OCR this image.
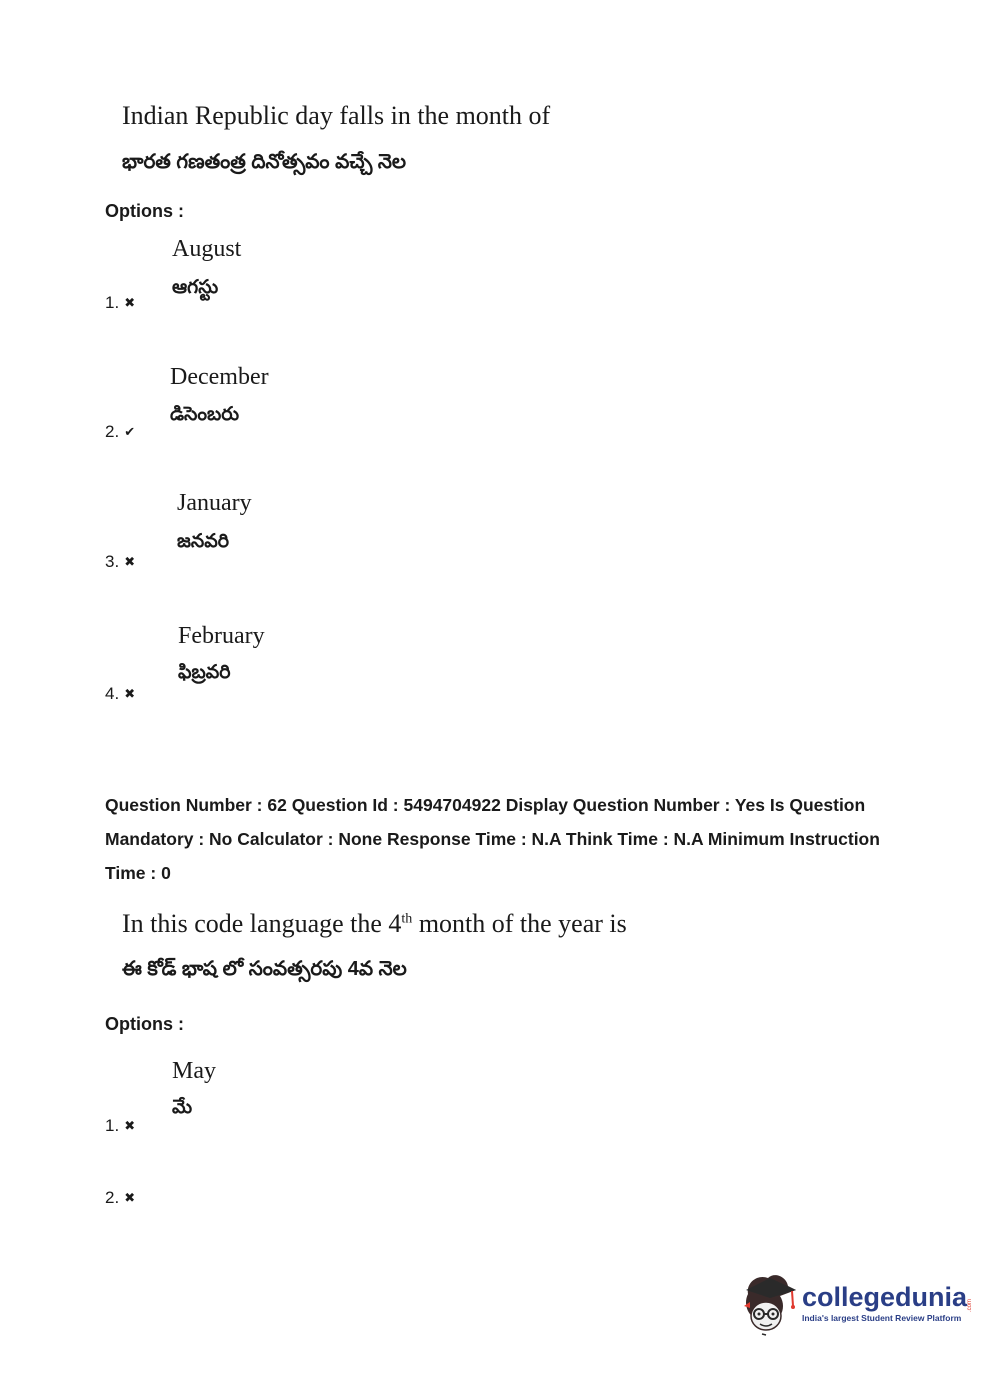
Indian Republic day falls in the month of
భారత గణతంత్ర దినోత్సవం వచ్చే నెల
Options :
August
ఆగస్టు
1. ✖
December
డిసెంబరు
2. ✔
January
జనవరి
3. ✖
February
ఫిబ్రవరి
4. ✖
Question Number : 62 Question Id : 5494704922 Display Question Number : Yes Is Question
Mandatory : No Calculator : None Response Time : N.A Think Time : N.A Minimum Instruction
Time : 0
In this code language the 4th month of the year is
ఈ కోడ్ భాష లో సంవత్సరపు 4వ నెల
Options :
May
మే
1. ✖
2. ✖
collegedunia .com
India's largest Student Review Platform
